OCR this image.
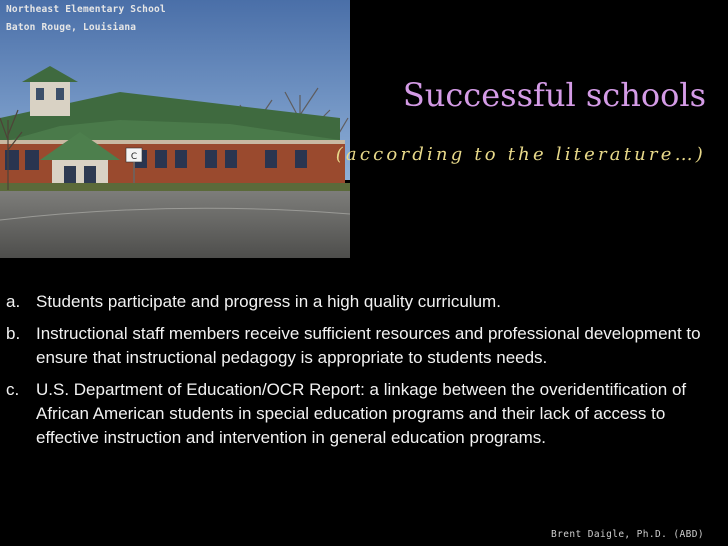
C
Northeast Elementary School
Baton Rouge, Louisiana
Successful schools
(according to the literature…)
a. Students participate and progress in a high quality curriculum.
b. Instructional staff members receive sufficient resources and professional development to ensure that instructional pedagogy is appropriate to students needs.
c. U.S. Department of Education/OCR Report: a linkage between the overidentification of African American students in special education programs and their lack of access to effective instruction and intervention in general education programs.
Brent Daigle, Ph.D. (ABD)
